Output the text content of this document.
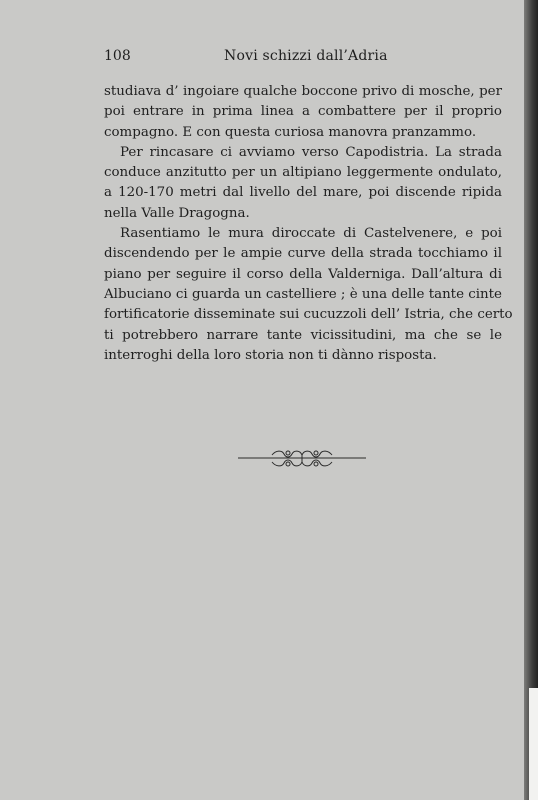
108	Novi schizzi dall’Adria
studiava d’ ingoiare qualche boccone privo di mosche, per
poi entrare in prima linea a combattere per il proprio
compagno. E con questa curiosa manovra pranzammo.
Per rincasare ci avviamo verso Capodistria. La strada
conduce anzitutto per un altipiano leggermente ondulato,
a 120-170 metri dal livello del mare, poi discende ripida
nella Valle Dragogna.
Rasentiamo le mura diroccate di Castelvenere, e poi
discendendo per le ampie curve della strada tocchiamo il
piano per seguire il corso della Valderniga. Dall’altura di
Albuciano ci guarda un castelliere ; è una delle tante cinte
fortificatorie disseminate sui cucuzzoli dell’ Istria, che certo
ti potrebbero narrare tante vicissitudini, ma che se le
interroghi della loro storia non ti dànno risposta.
